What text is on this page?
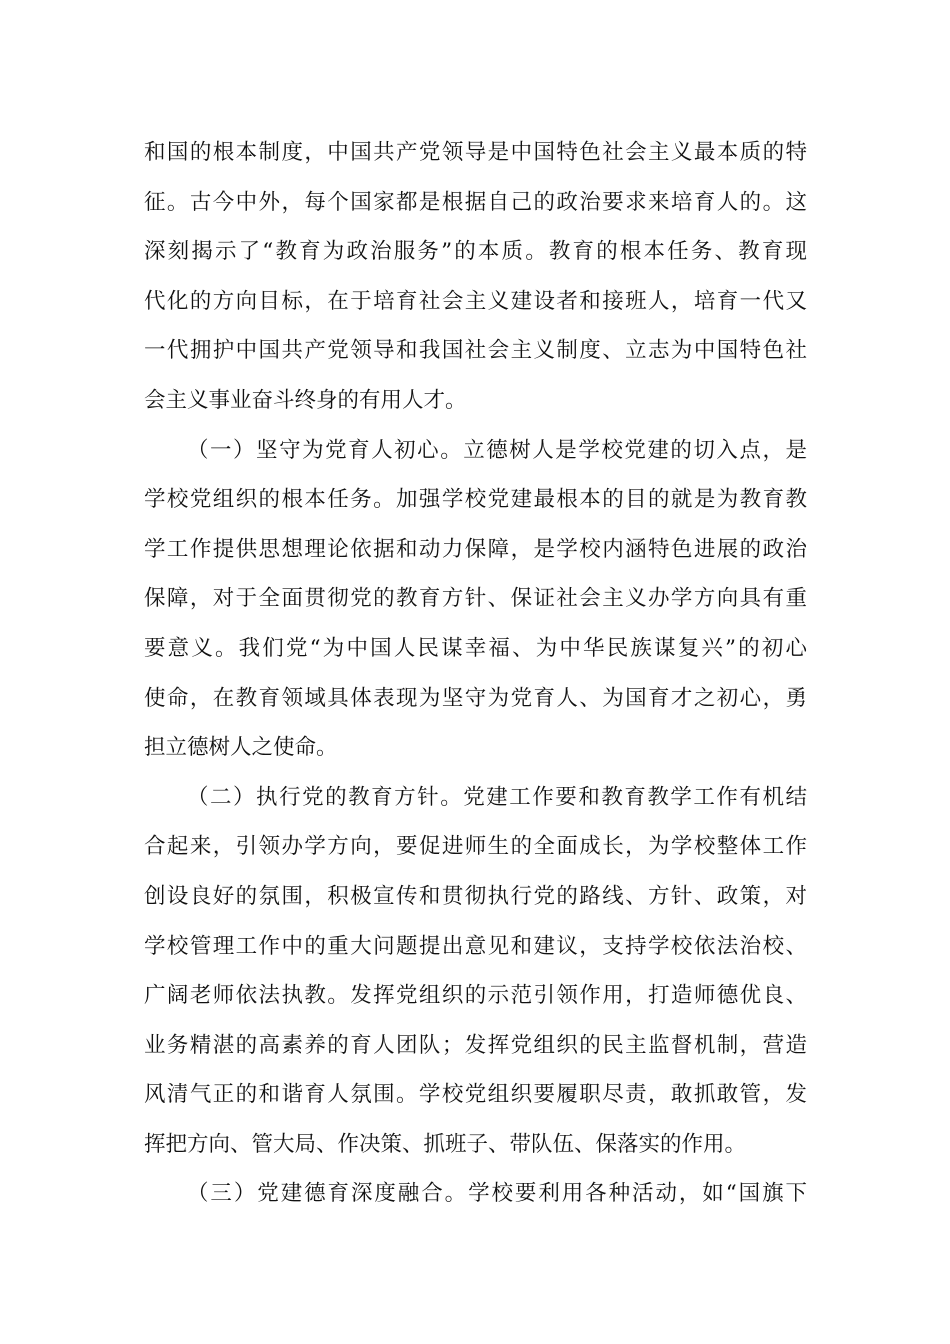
和国的根本制度，中国共产党领导是中国特色社会主义最本质的特
征。古今中外，每个国家都是根据自己的政治要求来培育人的。这
深刻揭示了“教育为政治服务”的本质。教育的根本任务、教育现
代化的方向目标，在于培育社会主义建设者和接班人，培育一代又
一代拥护中国共产党领导和我国社会主义制度、立志为中国特色社
会主义事业奋斗终身的有用人才。
（一）坚守为党育人初心。立德树人是学校党建的切入点，是
学校党组织的根本任务。加强学校党建最根本的目的就是为教育教
学工作提供思想理论依据和动力保障，是学校内涵特色进展的政治
保障，对于全面贯彻党的教育方针、保证社会主义办学方向具有重
要意义。我们党“为中国人民谋幸福、为中华民族谋复兴”的初心
使命，在教育领域具体表现为坚守为党育人、为国育才之初心，勇
担立德树人之使命。
（二）执行党的教育方针。党建工作要和教育教学工作有机结
合起来，引领办学方向，要促进师生的全面成长，为学校整体工作
创设良好的氛围，积极宣传和贯彻执行党的路线、方针、政策，对
学校管理工作中的重大问题提出意见和建议，支持学校依法治校、
广阔老师依法执教。发挥党组织的示范引领作用，打造师德优良、
业务精湛的高素养的育人团队；发挥党组织的民主监督机制，营造
风清气正的和谐育人氛围。学校党组织要履职尽责，敢抓敢管，发
挥把方向、管大局、作决策、抓班子、带队伍、保落实的作用。
（三）党建德育深度融合。学校要利用各种活动，如“国旗下
